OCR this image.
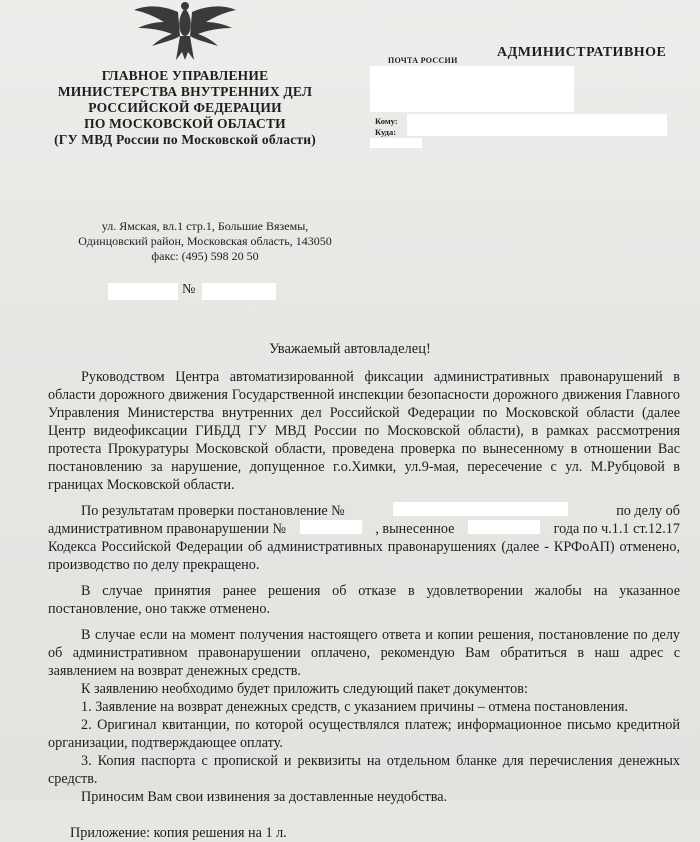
ГЛАВНОЕ УПРАВЛЕНИЕ
МИНИСТЕРСТВА ВНУТРЕННИХ ДЕЛ
РОССИЙСКОЙ ФЕДЕРАЦИИ
ПО МОСКОВСКОЙ ОБЛАСТИ
(ГУ МВД России по Московской области)
ул. Ямская, вл.1 стр.1, Большие Вяземы,
Одинцовский район, Московская область, 143050
факс: (495) 598 20 50
ПОЧТА РОССИИ
АДМИНИСТРАТИВНОЕ
Кому:
Куда:
№
Уважаемый автовладелец!

Руководством Центра автоматизированной фиксации административных правонарушений в области дорожного движения Государственной инспекции безопасности дорожного движения Главного Управления Министерства внутренних дел Российской Федерации по Московской области (далее Центр видеофиксации ГИБДД ГУ МВД России по Московской области), в рамках рассмотрения протеста Прокуратуры Московской области, проведена проверка по вынесенному в отношении Вас постановлению за нарушение, допущенное г.о.Химки, ул.9-мая, пересечение с ул. М.Рубцовой в границах Московской области.

По результатам проверки постановление №	по делу об
административном правонарушении №	, вынесенное	года по ч.1.1 ст.12.17

Кодекса Российской Федерации об административных правонарушениях (далее - КРФоАП) отменено, производство по делу прекращено.

В случае принятия ранее решения об отказе в удовлетворении жалобы на указанное постановление, оно также отменено.

В случае если на момент получения настоящего ответа и копии решения, постановление по делу об административном правонарушении оплачено, рекомендую Вам обратиться в наш адрес с заявлением на возврат денежных средств.

К заявлению необходимо будет приложить следующий пакет документов:

1. Заявление на возврат денежных средств, с указанием причины – отмена постановления.

2. Оригинал квитанции, по которой осуществлялся платеж; информационное письмо кредитной организации, подтверждающее оплату.

3. Копия паспорта с пропиской и реквизиты на отдельном бланке для перечисления денежных средств.

Приносим Вам свои извинения за доставленные неудобства.

Приложение: копия решения на 1 л.
